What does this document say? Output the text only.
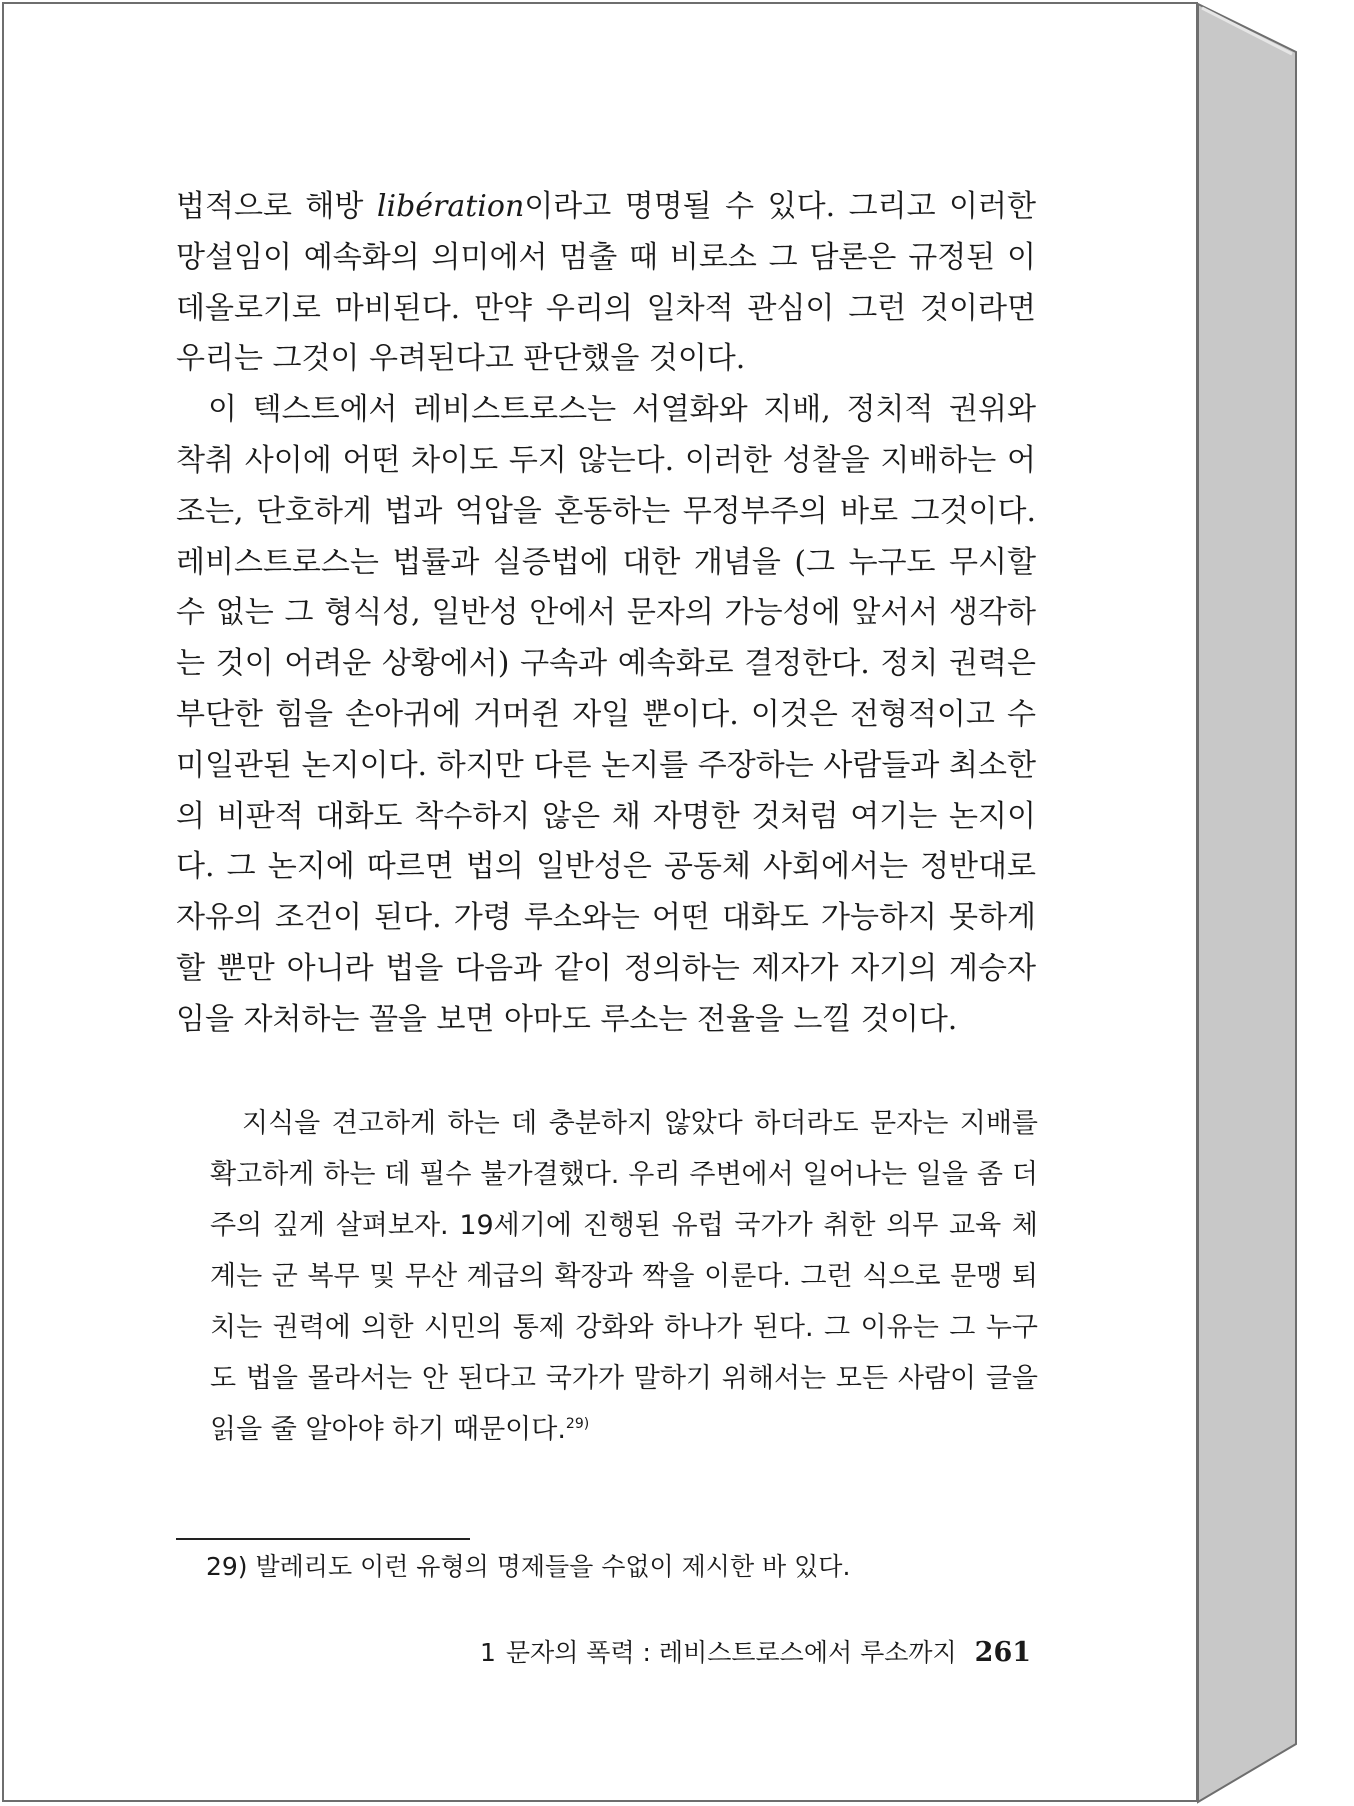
법적으로 해방 libération이라고 명명될 수 있다. 그리고 이러한 망설임이 예속화의 의미에서 멈출 때 비로소 그 담론은 규정된 이데올로기로 마비된다. 만약 우리의 일차적 관심이 그런 것이라면 우리는 그것이 우려된다고 판단했을 것이다.

이 텍스트에서 레비스트로스는 서열화와 지배, 정치적 권위와 착취 사이에 어떤 차이도 두지 않는다. 이러한 성찰을 지배하는 어조는, 단호하게 법과 억압을 혼동하는 무정부주의 바로 그것이다. 레비스트로스는 법률과 실증법에 대한 개념을 (그 누구도 무시할 수 없는 그 형식성, 일반성 안에서 문자의 가능성에 앞서서 생각하는 것이 어려운 상황에서) 구속과 예속화로 결정한다. 정치 권력은 부단한 힘을 손아귀에 거머쥔 자일 뿐이다. 이것은 전형적이고 수미일관된 논지이다. 하지만 다른 논지를 주장하는 사람들과 최소한의 비판적 대화도 착수하지 않은 채 자명한 것처럼 여기는 논지이다. 그 논지에 따르면 법의 일반성은 공동체 사회에서는 정반대로 자유의 조건이 된다. 가령 루소와는 어떤 대화도 가능하지 못하게 할 뿐만 아니라 법을 다음과 같이 정의하는 제자가 자기의 계승자임을 자처하는 꼴을 보면 아마도 루소는 전율을 느낄 것이다.

지식을 견고하게 하는 데 충분하지 않았다 하더라도 문자는 지배를 확고하게 하는 데 필수 불가결했다. 우리 주변에서 일어나는 일을 좀 더 주의 깊게 살펴보자. 19세기에 진행된 유럽 국가가 취한 의무 교육 체계는 군 복무 및 무산 계급의 확장과 짝을 이룬다. 그런 식으로 문맹 퇴치는 권력에 의한 시민의 통제 강화와 하나가 된다. 그 이유는 그 누구도 법을 몰라서는 안 된다고 국가가 말하기 위해서는 모든 사람이 글을 읽을 줄 알아야 하기 때문이다.$^{29)}$

29) 발레리도 이런 유형의 명제들을 수없이 제시한 바 있다.
1 문자의 폭력 : 레비스트로스에서 루소까지 261
